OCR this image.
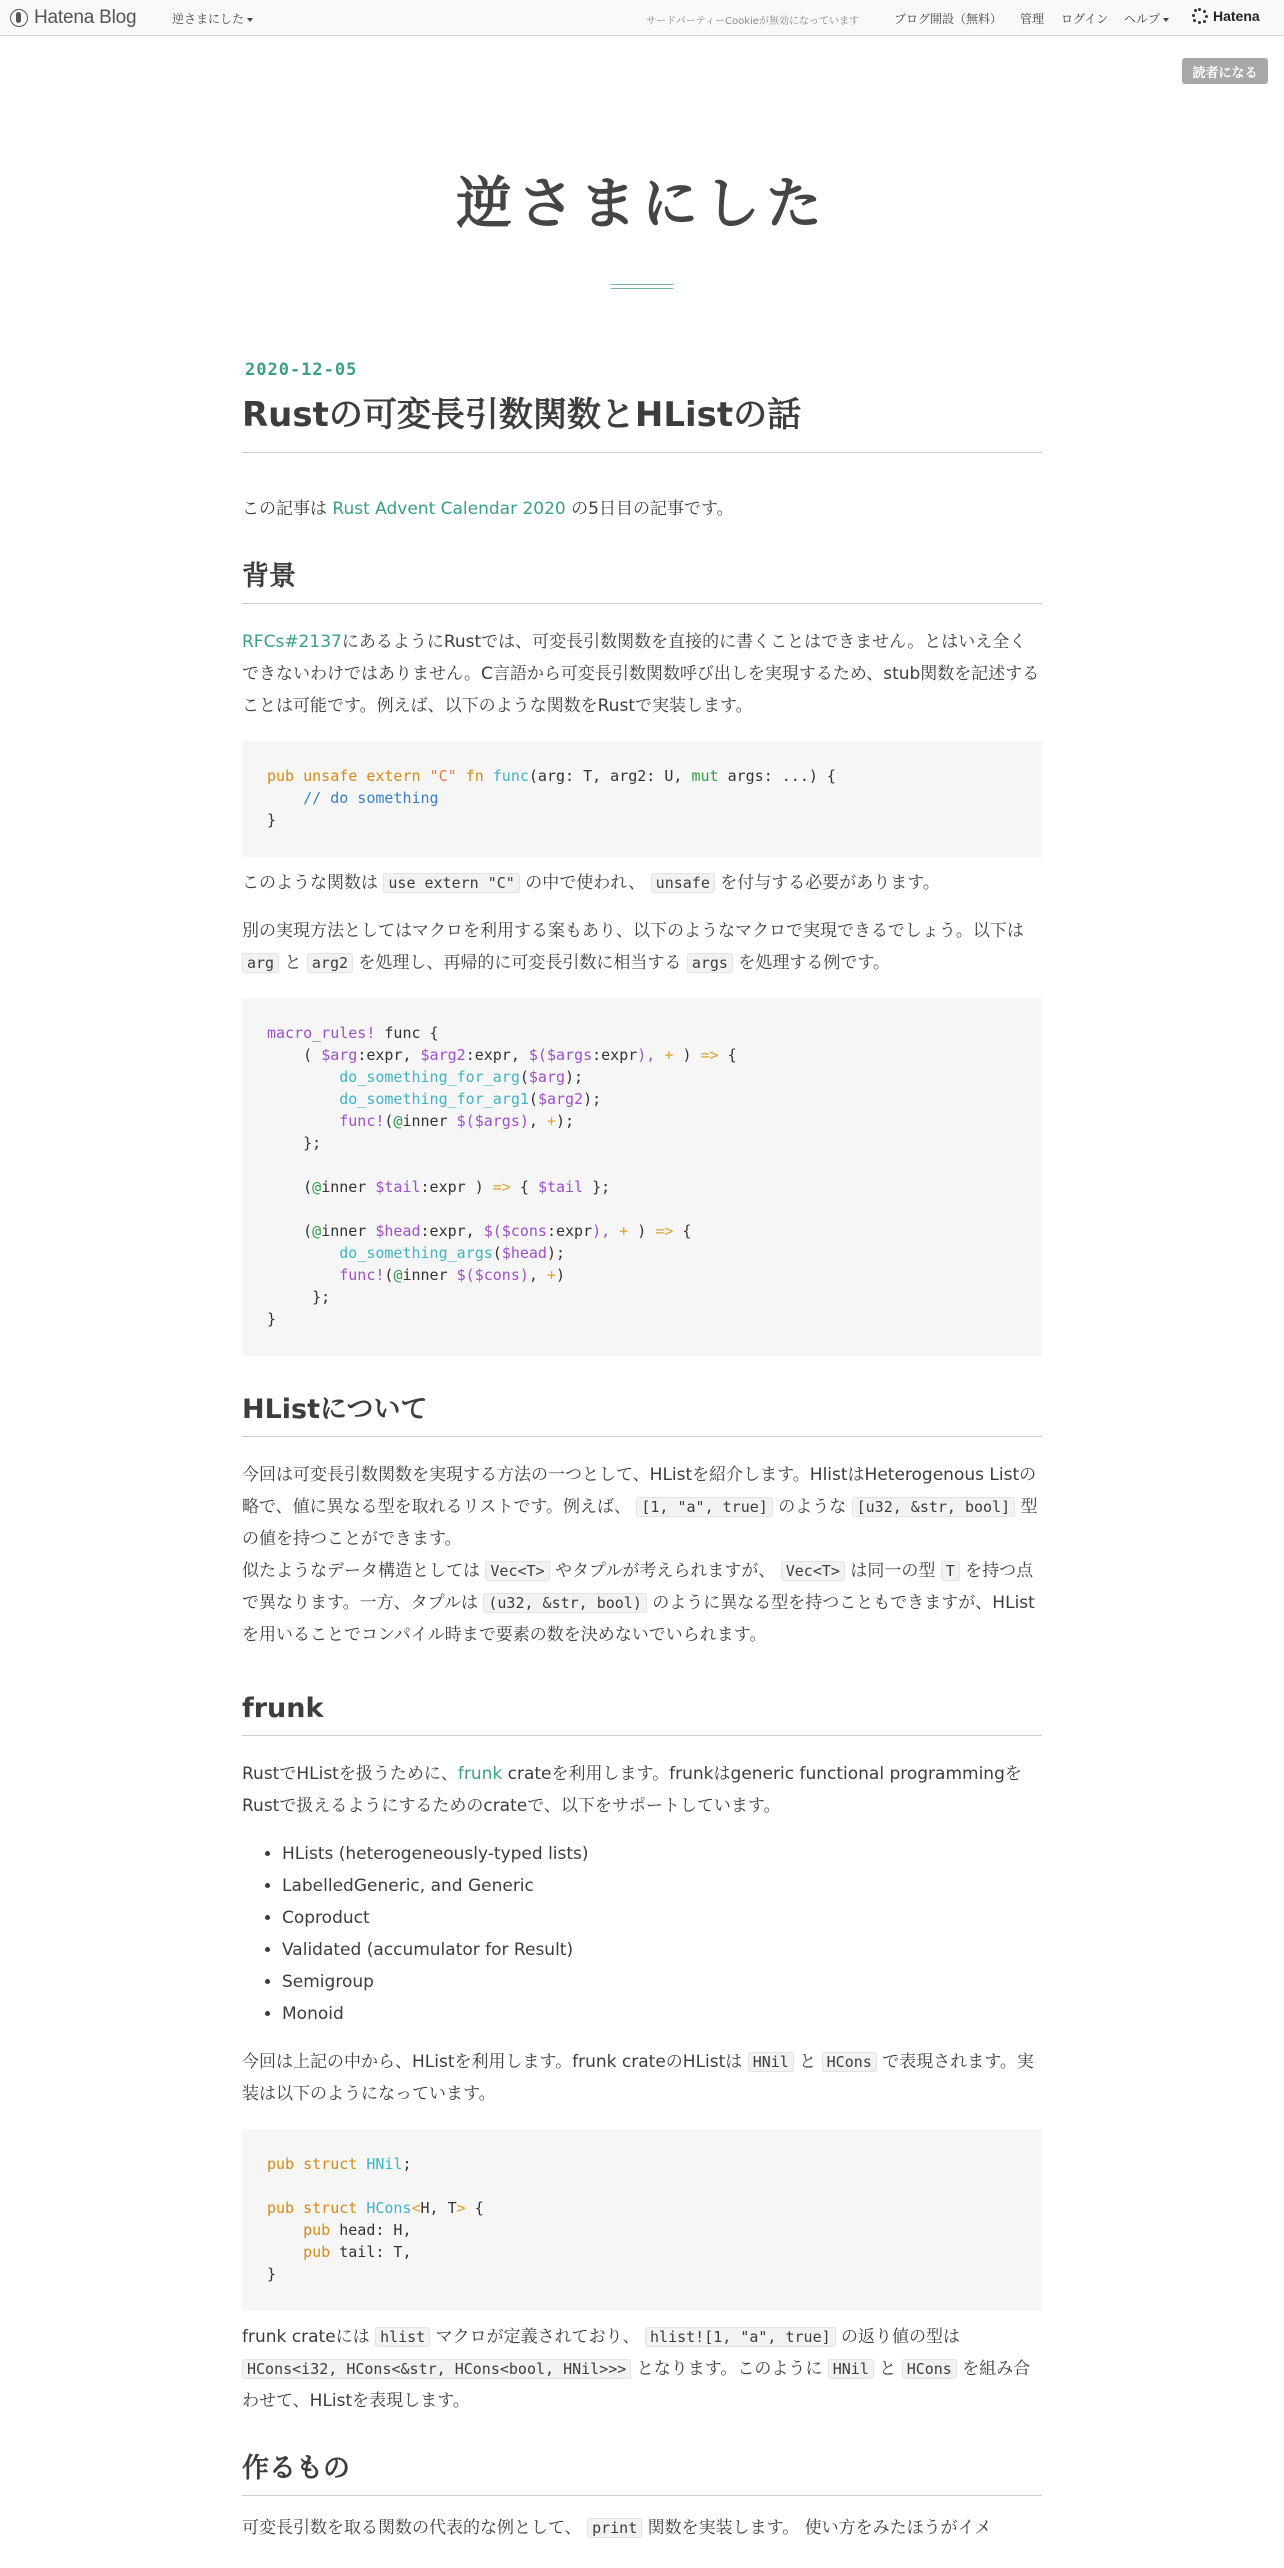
Hatena Blog	逆さまにした	サードパーティーCookieが無効になっています	ブログ開設（無料） 管理 ログイン ヘルプ	Hatena
読者になる
逆さまにした
2020-12-05
Rustの可変長引数関数とHListの話

この記事は Rust Advent Calendar 2020 の5日目の記事です。

背景

RFCs#2137にあるようにRustでは、可変長引数関数を直接的に書くことはできません。とはいえ全くできないわけではありません。C言語から可変長引数関数呼び出しを実現するため、stub関数を記述することは可能です。例えば、以下のような関数をRustで実装します。

pub unsafe extern "C" fn func(arg: T, arg2: U, mut args: ...) {
// do something
}

このような関数は use extern "C" の中で使われ、 unsafe を付与する必要があります。

別の実現方法としてはマクロを利用する案もあり、以下のようなマクロで実現できるでしょう。以下は arg と arg2 を処理し、再帰的に可変長引数に相当する args を処理する例です。

macro_rules! func {
( $arg:expr, $arg2:expr, $($args:expr), + ) => {
do_something_for_arg($arg);
do_something_for_arg1($arg2);
func!(@inner $($args), +);
};

(@inner $tail:expr ) => { $tail };

(@inner $head:expr, $($cons:expr), + ) => {
do_something_args($head);
func!(@inner $($cons), +)
};
}
HListについて

今回は可変長引数関数を実現する方法の一つとして、HListを紹介します。HlistはHeterogenous Listの略で、値に異なる型を取れるリストです。例えば、 [1, "a", true] のような [u32, &str, bool] 型の値を持つことができます。

似たようなデータ構造としては Vec<T> やタプルが考えられますが、 Vec<T> は同一の型 T を持つ点で異なります。一方、タプルは (u32, &str, bool) のように異なる型を持つこともできますが、HListを用いることでコンパイル時まで要素の数を決めないでいられます。

frunk

RustでHListを扱うために、frunk crateを利用します。frunkはgeneric functional programmingをRustで扱えるようにするためのcrateで、以下をサポートしています。

• HLists (heterogeneously-typed lists)
• LabelledGeneric, and Generic
• Coproduct
• Validated (accumulator for Result)
• Semigroup
• Monoid

今回は上記の中から、HListを利用します。frunk crateのHListは HNil と HCons で表現されます。実装は以下のようになっています。

pub struct HNil;

pub struct HCons<H, T> {
pub head: H,
pub tail: T,
}

frunk crateには hlist マクロが定義されており、 hlist![1, "a", true] の返り値の型は HCons<i32, HCons<&str, HCons<bool, HNil>>> となります。このように HNil と HCons を組み合わせて、HListを表現します。

作るもの

可変長引数を取る関数の代表的な例として、 print 関数を実装します。 使い方をみたほうがイメ
